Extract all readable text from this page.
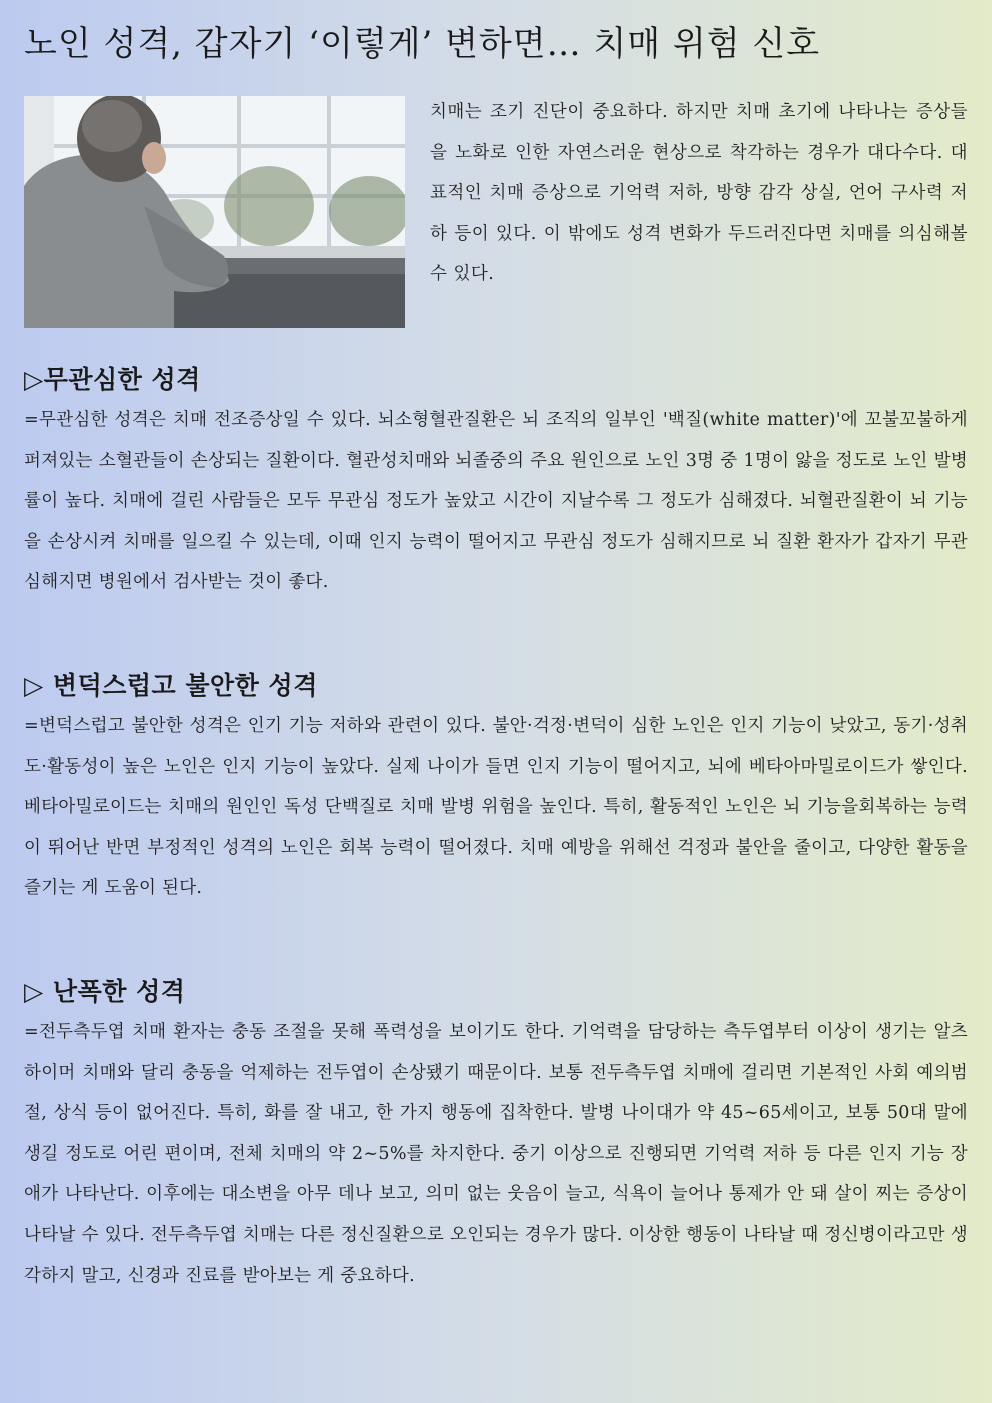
노인 성격, 갑자기 ‘이렇게’ 변하면… 치매 위험 신호

치매는 조기 진단이 중요하다. 하지만 치매 초기에 나타나는 증상들을 노화로 인한 자연스러운 현상으로 착각하는 경우가 대다수다. 대표적인 치매 증상으로 기억력 저하, 방향 감각 상실, 언어 구사력 저하 등이 있다. 이 밖에도 성격 변화가 두드러진다면 치매를 의심해볼 수 있다.

▷무관심한 성격

=무관심한 성격은 치매 전조증상일 수 있다. 뇌소형혈관질환은 뇌 조직의 일부인 '백질(white matter)'에 꼬불꼬불하게 퍼져있는 소혈관들이 손상되는 질환이다. 혈관성치매와 뇌졸중의 주요 원인으로 노인 3명 중 1명이 앓을 정도로 노인 발병률이 높다. 치매에 걸린 사람들은 모두 무관심 정도가 높았고 시간이 지날수록 그 정도가 심해졌다. 뇌혈관질환이 뇌 기능을 손상시켜 치매를 일으킬 수 있는데, 이때 인지 능력이 떨어지고 무관심 정도가 심해지므로 뇌 질환 환자가 갑자기 무관심해지면 병원에서 검사받는 것이 좋다.

▷ 변덕스럽고 불안한 성격

=변덕스럽고 불안한 성격은 인기 기능 저하와 관련이 있다. 불안·걱정·변덕이 심한 노인은 인지 기능이 낮았고, 동기·성취도·활동성이 높은 노인은 인지 기능이 높았다. 실제 나이가 들면 인지 기능이 떨어지고, 뇌에 베타아마밀로이드가 쌓인다. 베타아밀로이드는 치매의 원인인 독성 단백질로 치매 발병 위험을 높인다. 특히, 활동적인 노인은 뇌 기능을회복하는 능력이 뛰어난 반면 부정적인 성격의 노인은 회복 능력이 떨어졌다. 치매 예방을 위해선 걱정과 불안을 줄이고, 다양한 활동을 즐기는 게 도움이 된다.

▷ 난폭한 성격

=전두측두엽 치매 환자는 충동 조절을 못해 폭력성을 보이기도 한다. 기억력을 담당하는 측두엽부터 이상이 생기는 알츠하이머 치매와 달리 충동을 억제하는 전두엽이 손상됐기 때문이다. 보통 전두측두엽 치매에 걸리면 기본적인 사회 예의범절, 상식 등이 없어진다. 특히, 화를 잘 내고, 한 가지 행동에 집착한다. 발병 나이대가 약 45~65세이고, 보통 50대 말에 생길 정도로 어린 편이며, 전체 치매의 약 2~5%를 차지한다. 중기 이상으로 진행되면 기억력 저하 등 다른 인지 기능 장애가 나타난다. 이후에는 대소변을 아무 데나 보고, 의미 없는 웃음이 늘고, 식욕이 늘어나 통제가 안 돼 살이 찌는 증상이 나타날 수 있다. 전두측두엽 치매는 다른 정신질환으로 오인되는 경우가 많다. 이상한 행동이 나타날 때 정신병이라고만 생각하지 말고, 신경과 진료를 받아보는 게 중요하다.
